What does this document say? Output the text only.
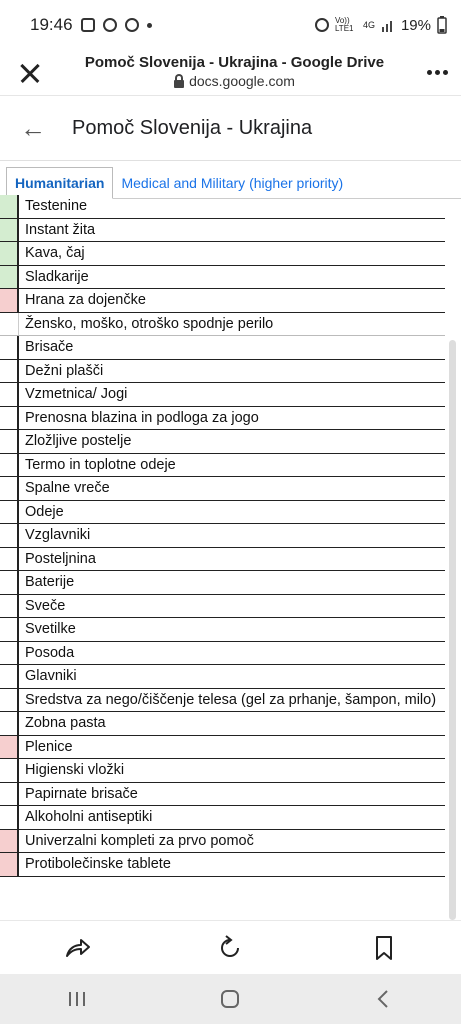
19:46	Vo)) LTE1	4G 19%
Pomoč Slovenija - Ukrajina - Google Drive
docs.google.com
← Pomoč Slovenija - Ukrajina
Humanitarian	Medical and Military (higher priority)
Testenine
Instant žita
Kava, čaj
Sladkarije
Hrana za dojenčke
Žensko, moško, otroško spodnje perilo
Brisače
Dežni plašči
Vzmetnica/ Jogi
Prenosna blazina in podloga za jogo
Zložljive postelje
Termo in toplotne odeje
Spalne vreče
Odeje
Vzglavniki
Posteljnina
Baterije
Sveče
Svetilke
Posoda
Glavniki
Sredstva za nego/čiščenje telesa (gel za prhanje, šampon, milo)
Zobna pasta
Plenice
Higienski vložki
Papirnate brisače
Alkoholni antiseptiki
Univerzalni kompleti za prvo pomoč
Protibolečinske tablete
